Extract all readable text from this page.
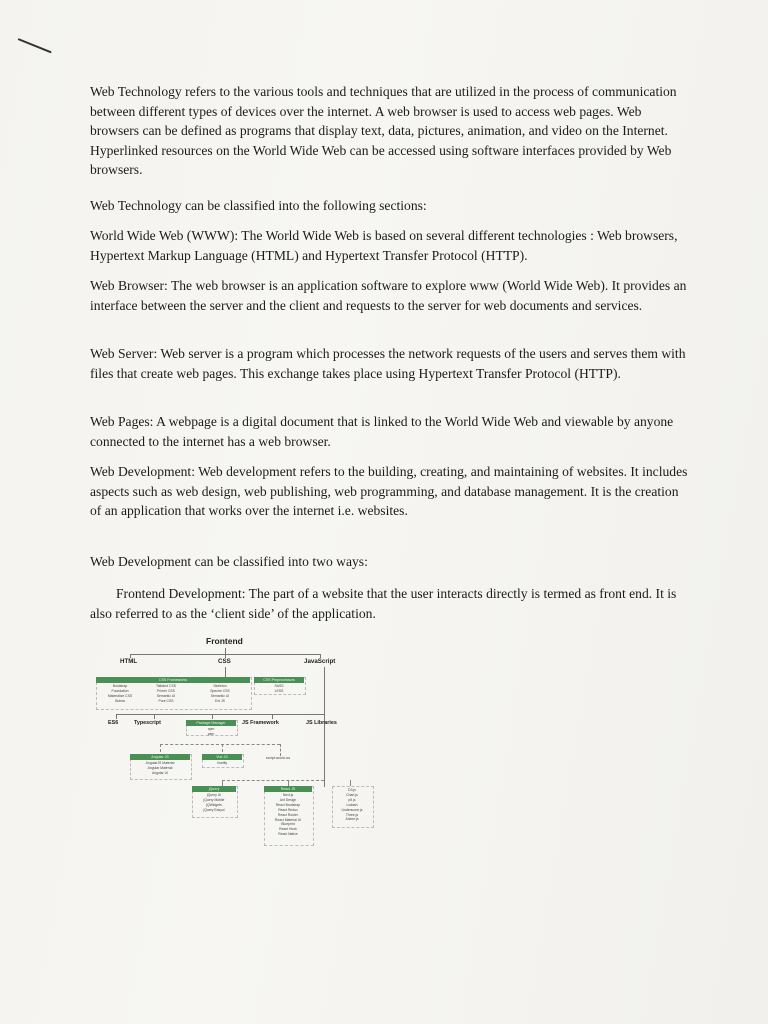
Web Technology refers to the various tools and techniques that are utilized in the process of communication between different types of devices over the internet. A web browser is used to access web pages. Web browsers can be defined as programs that display text, data, pictures, animation, and video on the Internet. Hyperlinked resources on the World Wide Web can be accessed using software interfaces provided by Web browsers.

Web Technology can be classified into the following sections:

World Wide Web (WWW): The World Wide Web is based on several different technologies : Web browsers, Hypertext Markup Language (HTML) and Hypertext Transfer Protocol (HTTP).

Web Browser: The web browser is an application software to explore www (World Wide Web). It provides an interface between the server and the client and requests to the server for web documents and services.

Web Server: Web server is a program which processes the network requests of the users and serves them with files that create web pages. This exchange takes place using Hypertext Transfer Protocol (HTTP).

Web Pages: A webpage is a digital document that is linked to the World Wide Web and viewable by anyone connected to the internet has a web browser.

Web Development: Web development refers to the building, creating, and maintaining of websites. It includes aspects such as web design, web publishing, web programming, and database management. It is the creation of an application that works over the internet i.e. websites.

Web Development can be classified into two ways:

Frontend Development: The part of a website that the user interacts directly is termed as front end. It is also referred to as the ‘client side’ of the application.

Frontend
HTML	CSS	JavaScript
CSS Frameworks	CSS Preprocessors
Bootstrap
Foundation
Materialize CSS
Bulma
Tailwind CSS
Primer CSS
Semantic UI
Pure CSS
Skeleton
Spectre CSS
Semantic UI
Ext JS
SASS
LESS
ES6	Typescript	Package Manager
npm
yarn
JS Framework	JS Libraries
Angular JS
AngularJS Material
Angular Material
Angular UI
Vue JS
Vuetify
script.aculo.us
jQuery
jQuery UI
jQuery Mobile
jQWidgets
jQuery Easyui
React JS
Next.js
Ant Design
React Bootstrap
React Redux
React Router
React Material UI
Blueprint
React Hook
React Native
D3.js
Chart.js
p5.js
Lodash
Underscore.js
Three.js
Anime.js
